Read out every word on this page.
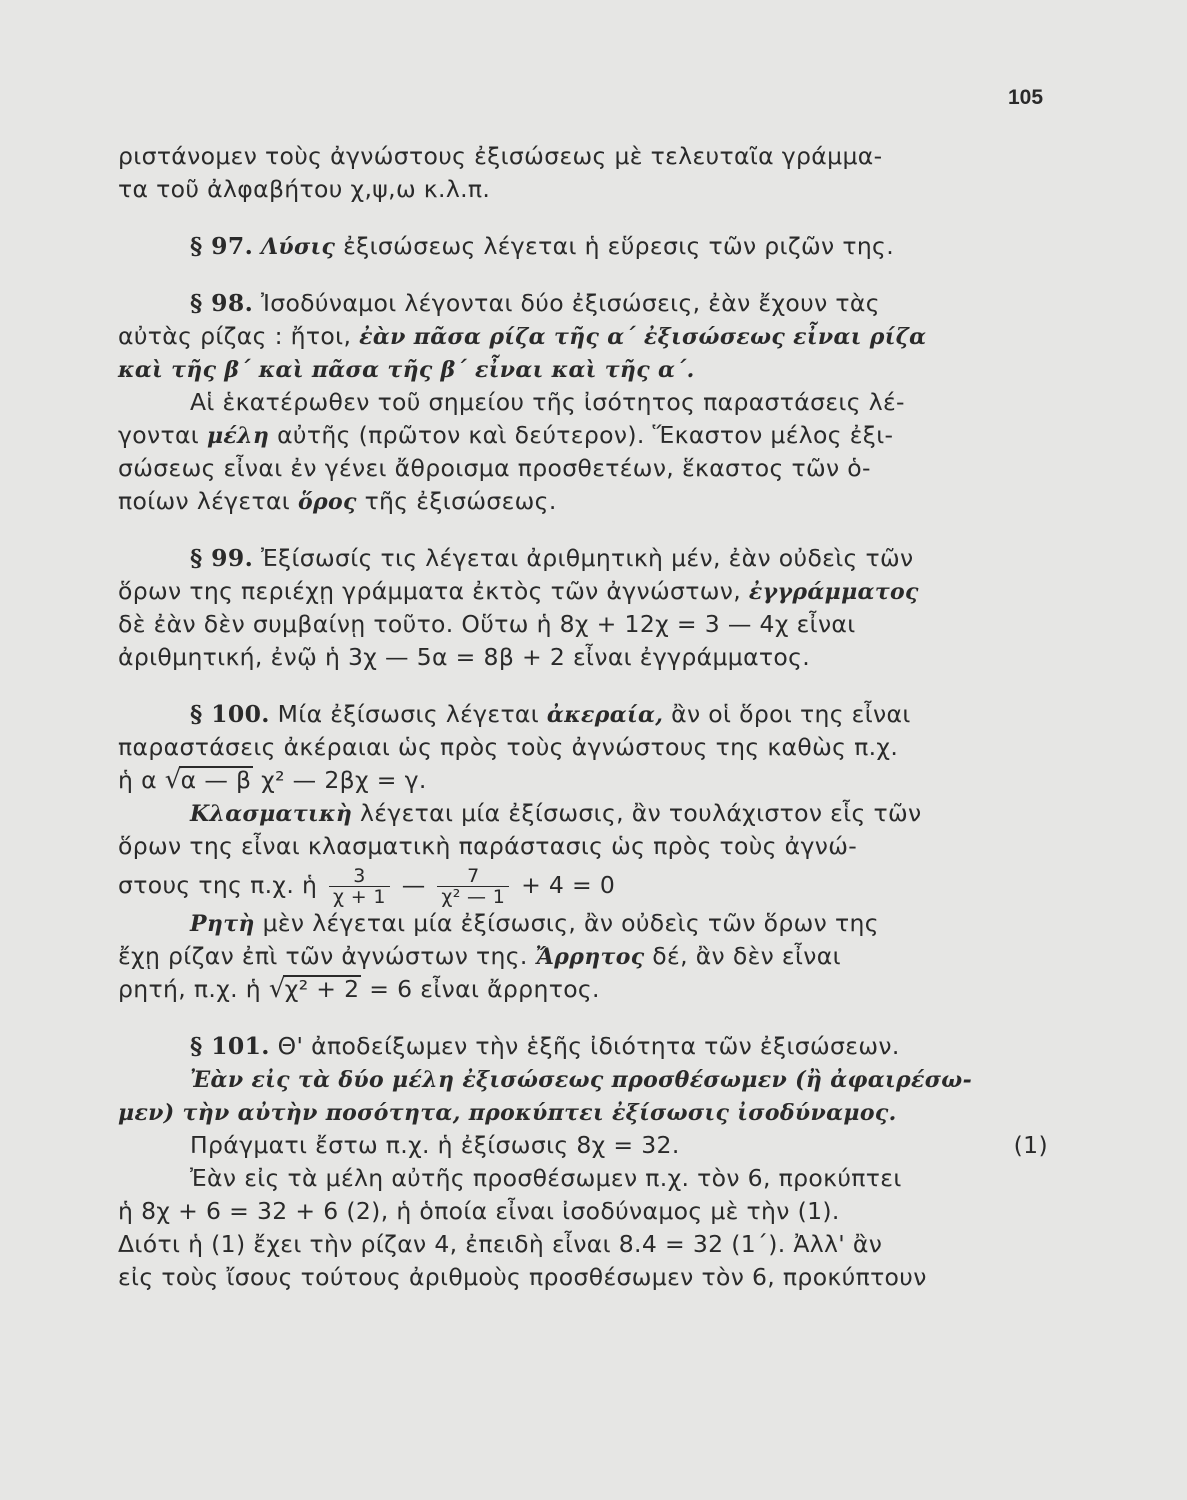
105
ριστάνομεν τοὺς ἀγνώστους ἐξισώσεως μὲ τελευταῖα γράμμα-
τα τοῦ ἀλφαβήτου χ,ψ,ω κ.λ.π.
§ 97. Λύσις ἐξισώσεως λέγεται ἡ εὕρεσις τῶν ριζῶν της.
§ 98. Ἰσοδύναμοι λέγονται δύο ἐξισώσεις, ἐὰν ἔχουν τὰς
αὐτὰς ρίζας : ἤτοι, ἐὰν πᾶσα ρίζα τῆς α΄ ἐξισώσεως εἶναι ρίζα
καὶ τῆς β΄ καὶ πᾶσα τῆς β΄ εἶναι καὶ τῆς α΄.
Αἱ ἑκατέρωθεν τοῦ σημείου τῆς ἰσότητος παραστάσεις λέ-
γονται μέλη αὐτῆς (πρῶτον καὶ δεύτερον). Ἕκαστον μέλος ἐξι-
σώσεως εἶναι ἐν γένει ἄθροισμα προσθετέων, ἕκαστος τῶν ὁ-
ποίων λέγεται ὅρος τῆς ἐξισώσεως.
§ 99. Ἐξίσωσίς τις λέγεται ἀριθμητικὴ μέν, ἐὰν οὐδεὶς τῶν
ὅρων της περιέχῃ γράμματα ἐκτὸς τῶν ἀγνώστων, ἐγγράμματος
δὲ ἐὰν δὲν συμβαίνῃ τοῦτο. Οὕτω ἡ 8χ + 12χ = 3 — 4χ εἶναι
ἀριθμητική, ἐνῷ ἡ 3χ — 5α = 8β + 2 εἶναι ἐγγράμματος.
§ 100. Μία ἐξίσωσις λέγεται ἀκεραία, ἂν οἱ ὅροι της εἶναι
παραστάσεις ἀκέραιαι ὡς πρὸς τοὺς ἀγνώστους της καθὼς π.χ.
ἡ α √α — β χ² — 2βχ = γ.
Κλασματικὴ λέγεται μία ἐξίσωσις, ἂν τουλάχιστον εἷς τῶν
ὅρων της εἶναι κλασματικὴ παράστασις ὡς πρὸς τοὺς ἀγνώ-
στους της π.χ. ἡ $\frac{3}{\chi + 1}$ — $\frac{7}{\text{χ² — 1}} + 4 = 0$
Ρητὴ μὲν λέγεται μία ἐξίσωσις, ἂν οὐδεὶς τῶν ὅρων της
ἔχῃ ρίζαν ἐπὶ τῶν ἀγνώστων της. Ἄρρητος δέ, ἂν δὲν εἶναι
ρητή, π.χ. ἡ √χ² + 2 = 6 εἶναι ἄρρητος.
§ 101. Θ' ἀποδείξωμεν τὴν ἑξῆς ἰδιότητα τῶν ἐξισώσεων.
Ἐὰν εἰς τὰ δύο μέλη ἐξισώσεως προσθέσωμεν (ἢ ἀφαιρέσω-
μεν) τὴν αὐτὴν ποσότητα, προκύπτει ἐξίσωσις ἰσοδύναμος.
Πράγματι ἔστω π.χ. ἡ ἐξίσωσις 8χ = 32.	(1)
Ἐὰν εἰς τὰ μέλη αὐτῆς προσθέσωμεν π.χ. τὸν 6, προκύπτει
ἡ 8χ + 6 = 32 + 6 (2), ἡ ὁποία εἶναι ἰσοδύναμος μὲ τὴν (1).
Διότι ἡ (1) ἔχει τὴν ρίζαν 4, ἐπειδὴ εἶναι 8.4 = 32 (1΄). Ἀλλ' ἂν
εἰς τοὺς ἴσους τούτους ἀριθμοὺς προσθέσωμεν τὸν 6, προκύπτουν
